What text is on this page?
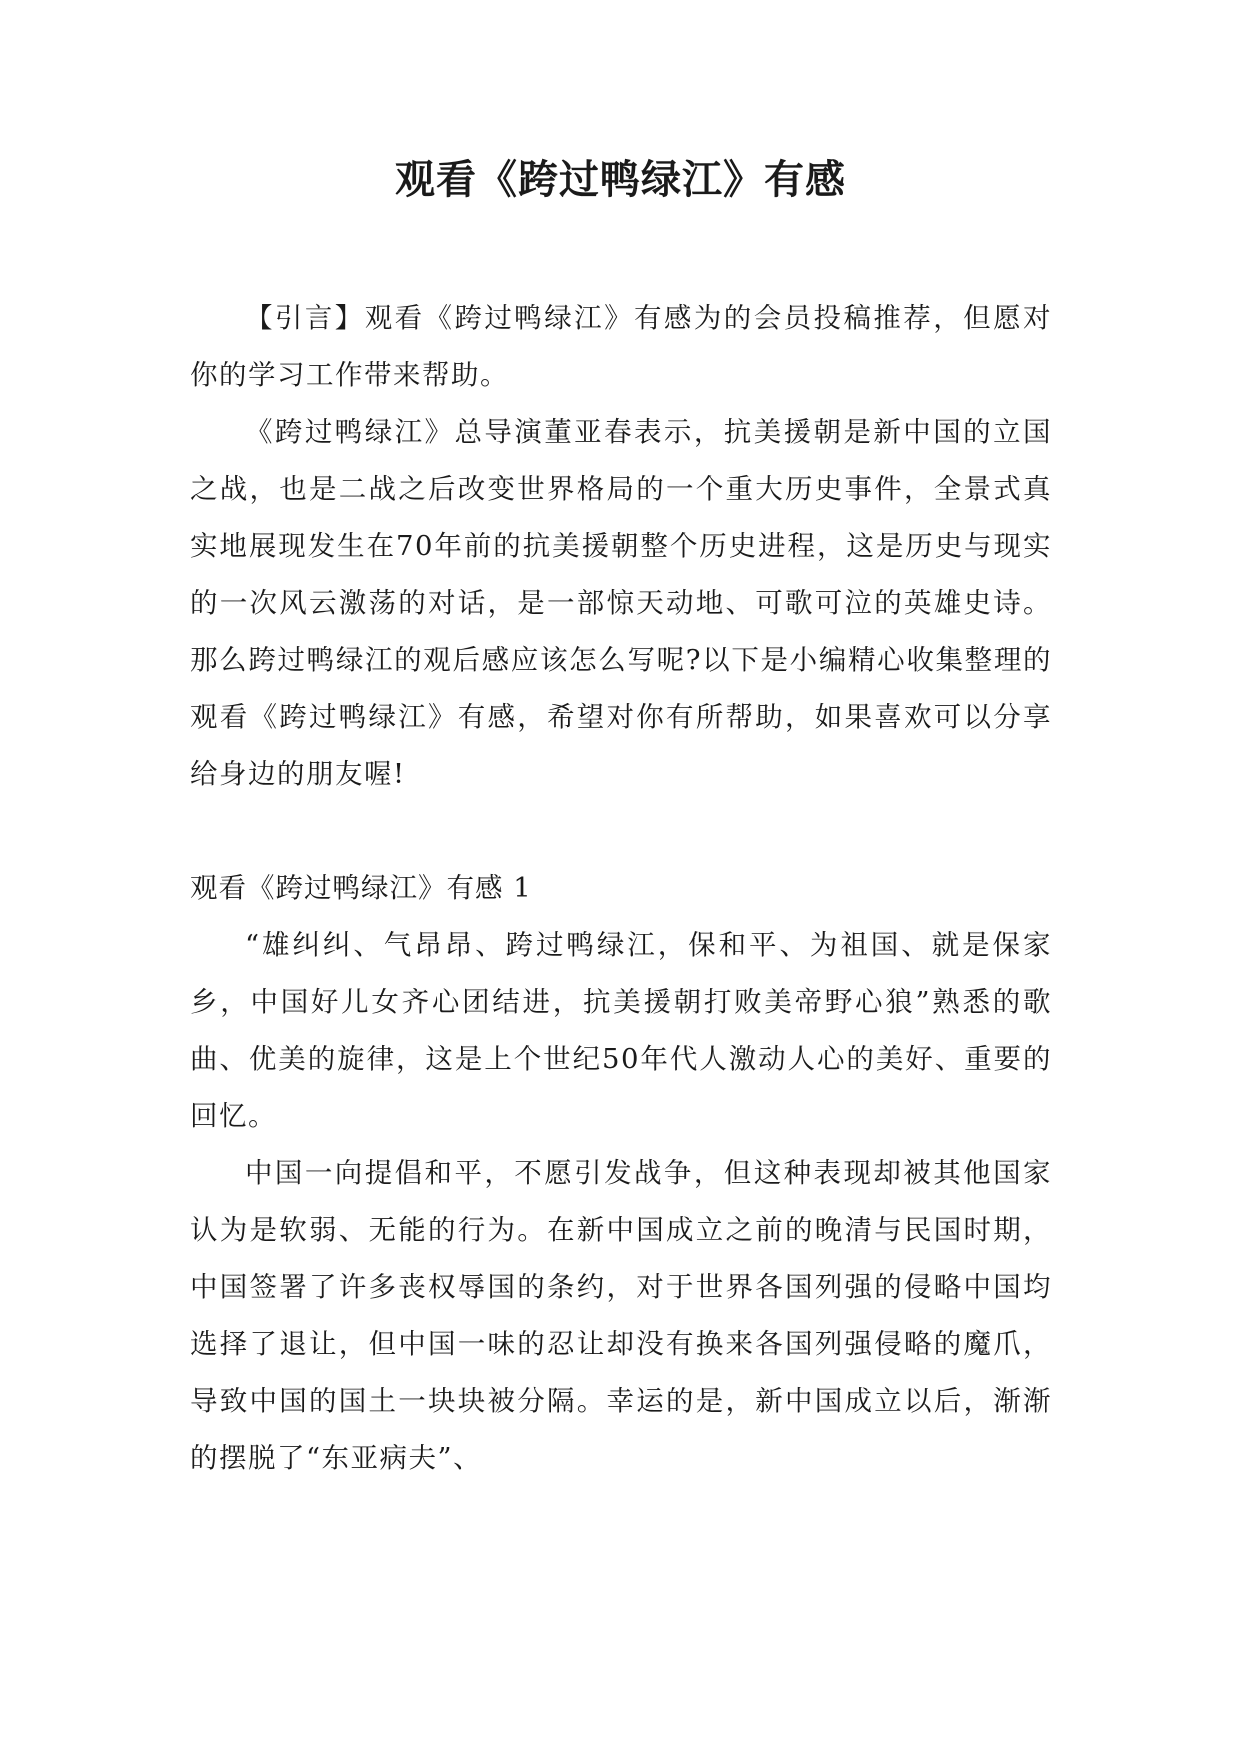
观看《跨过鸭绿江》有感

【引言】观看《跨过鸭绿江》有感为的会员投稿推荐，但愿对你的学习工作带来帮助。

《跨过鸭绿江》总导演董亚春表示，抗美援朝是新中国的立国之战，也是二战之后改变世界格局的一个重大历史事件，全景式真实地展现发生在70年前的抗美援朝整个历史进程，这是历史与现实的一次风云激荡的对话，是一部惊天动地、可歌可泣的英雄史诗。那么跨过鸭绿江的观后感应该怎么写呢?以下是小编精心收集整理的观看《跨过鸭绿江》有感，希望对你有所帮助，如果喜欢可以分享给身边的朋友喔!

观看《跨过鸭绿江》有感 1

“雄纠纠、气昂昂、跨过鸭绿江，保和平、为祖国、就是保家乡，中国好儿女齐心团结进，抗美援朝打败美帝野心狼”熟悉的歌曲、优美的旋律，这是上个世纪50年代人激动人心的美好、重要的回忆。

中国一向提倡和平，不愿引发战争，但这种表现却被其他国家认为是软弱、无能的行为。在新中国成立之前的晚清与民国时期，中国签署了许多丧权辱国的条约，对于世界各国列强的侵略中国均选择了退让，但中国一味的忍让却没有换来各国列强侵略的魔爪，导致中国的国土一块块被分隔。幸运的是，新中国成立以后，渐渐的摆脱了“东亚病夫”、
